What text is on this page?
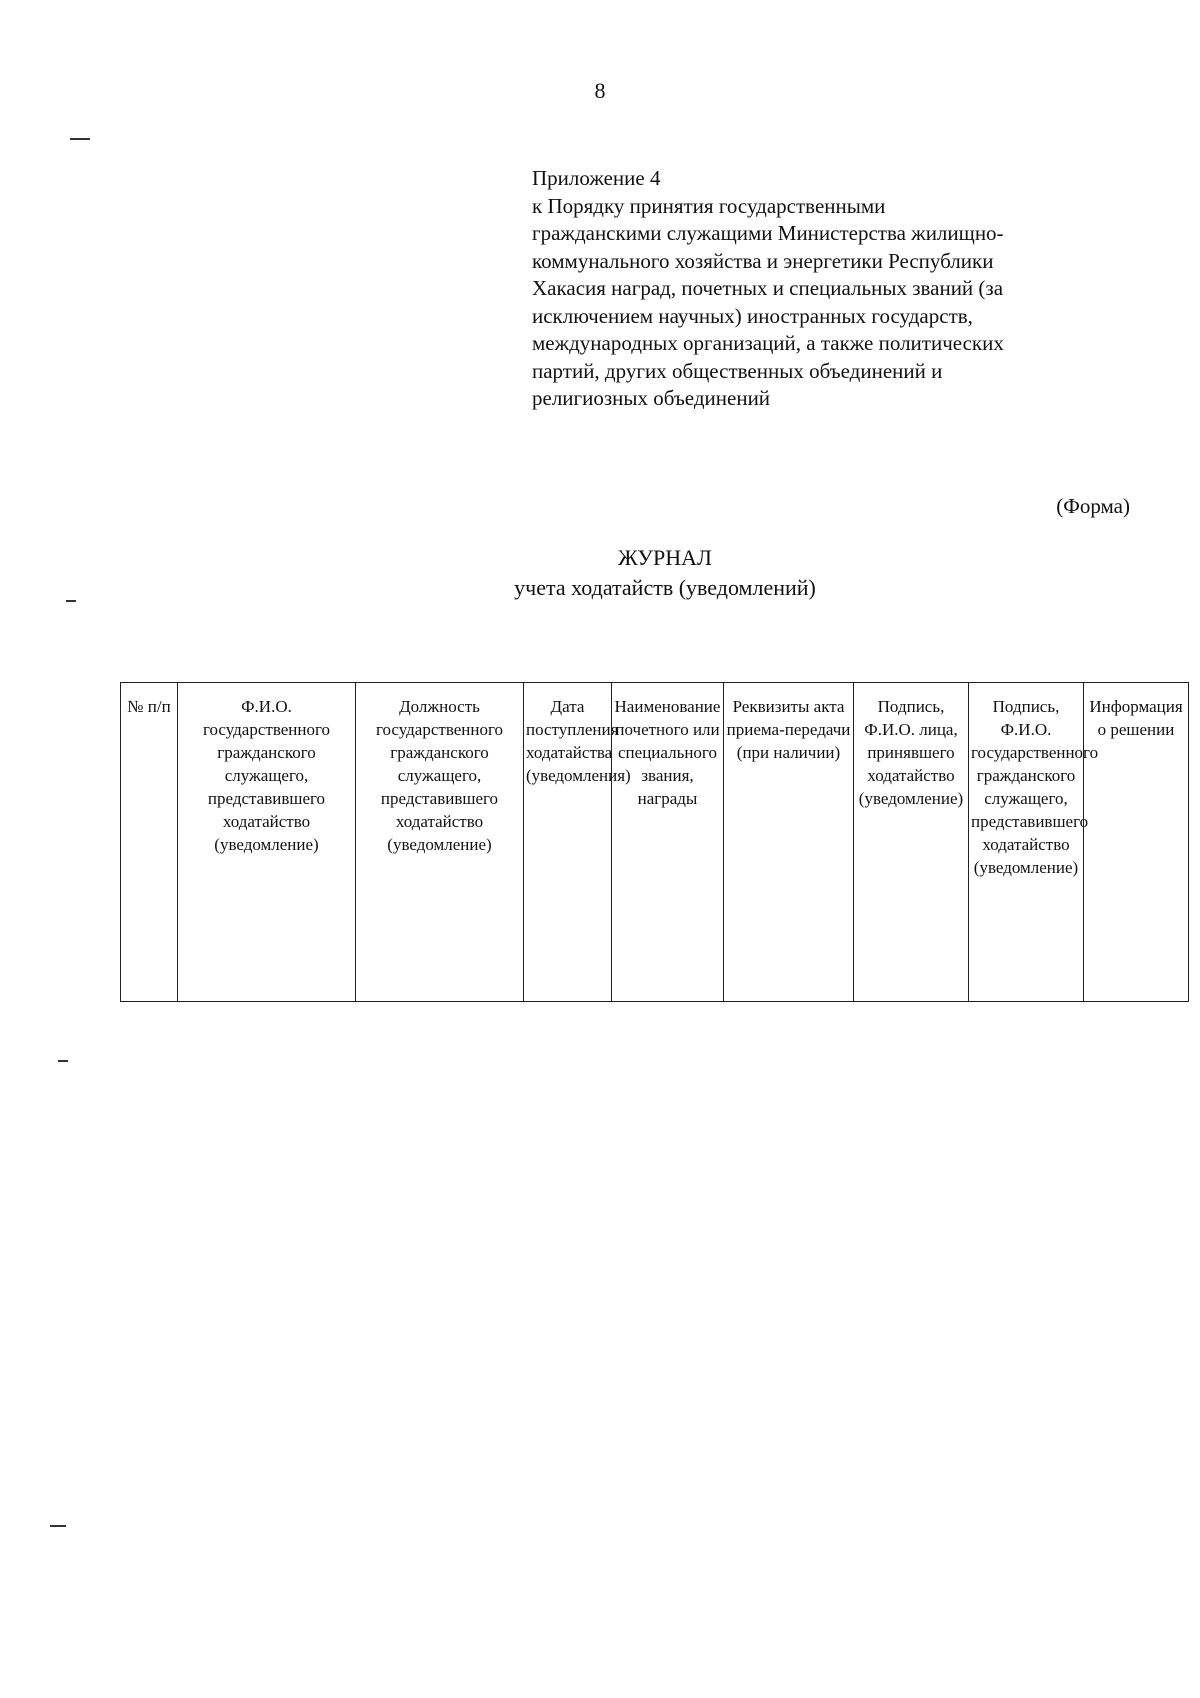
8
Приложение 4
к Порядку принятия государственными
гражданскими служащими Министерства жилищно-
коммунального хозяйства и энергетики Республики
Хакасия наград, почетных и специальных званий (за
исключением научных) иностранных государств,
международных организаций, а также политических
партий, других общественных объединений и
религиозных объединений
(Форма)
ЖУРНАЛ
учета ходатайств (уведомлений)
№ п/п	Ф.И.О. государственного гражданского служащего, представившего ходатайство (уведомление)	Должность государственного гражданского служащего, представившего ходатайство (уведомление)	Дата поступления ходатайства (уведомления)	Наименование почетного или специального звания, награды	Реквизиты акта приема-передачи (при наличии)	Подпись, Ф.И.О. лица, принявшего ходатайство (уведомление)	Подпись, Ф.И.О. государственного гражданского служащего, представившего ходатайство (уведомление)	Информация о решении
